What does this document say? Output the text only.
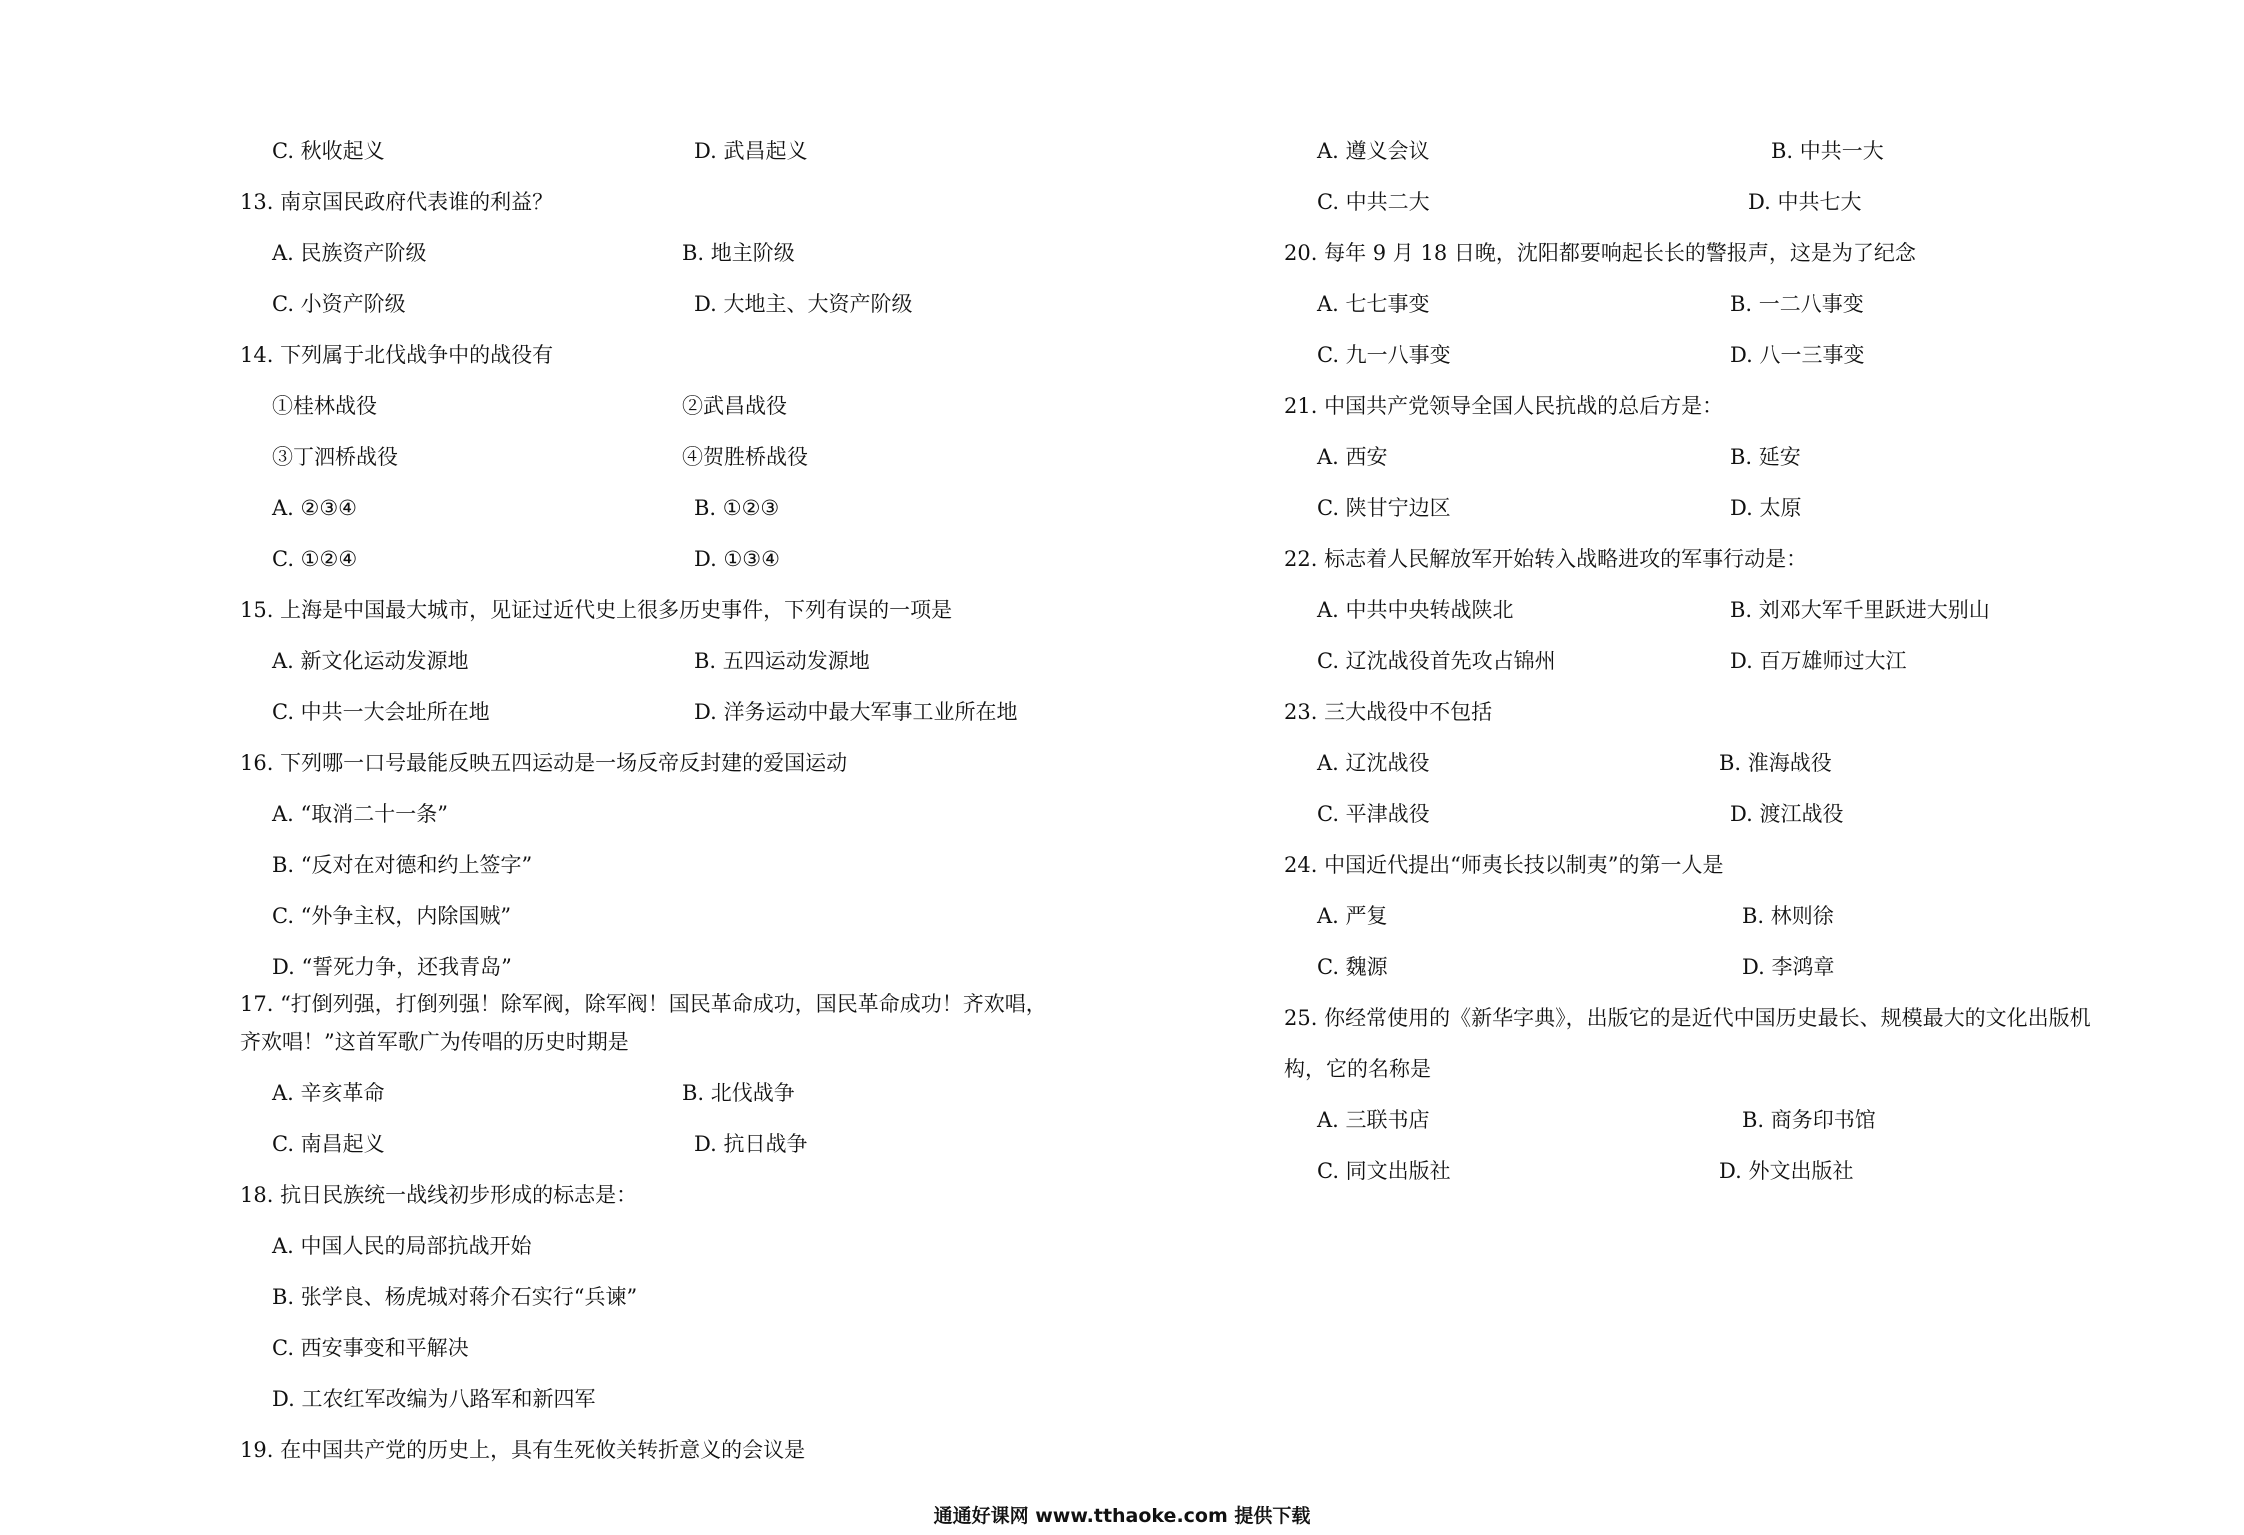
C. 秋收起义	D. 武昌起义
13. 南京国民政府代表谁的利益？
A. 民族资产阶级	B. 地主阶级
C. 小资产阶级	D. 大地主、大资产阶级
14. 下列属于北伐战争中的战役有
①桂林战役	②武昌战役
③丁泗桥战役	④贺胜桥战役
A. ②③④	B. ①②③
C. ①②④	D. ①③④
15. 上海是中国最大城市，见证过近代史上很多历史事件，下列有误的一项是
A. 新文化运动发源地	B. 五四运动发源地
C. 中共一大会址所在地	D. 洋务运动中最大军事工业所在地
16. 下列哪一口号最能反映五四运动是一场反帝反封建的爱国运动
A. “取消二十一条”
B. “反对在对德和约上签字”
C. “外争主权，内除国贼”
D. “誓死力争，还我青岛”
17. “打倒列强，打倒列强！除军阀，除军阀！国民革命成功，国民革命成功！齐欢唱，
齐欢唱！”这首军歌广为传唱的历史时期是
A. 辛亥革命	B. 北伐战争
C. 南昌起义	D. 抗日战争
18. 抗日民族统一战线初步形成的标志是：
A. 中国人民的局部抗战开始
B. 张学良、杨虎城对蒋介石实行“兵谏”
C. 西安事变和平解决
D. 工农红军改编为八路军和新四军
19. 在中国共产党的历史上，具有生死攸关转折意义的会议是
A. 遵义会议	B. 中共一大
C. 中共二大	D. 中共七大
20. 每年 9 月 18 日晚，沈阳都要响起长长的警报声，这是为了纪念
A. 七七事变	B. 一二八事变
C. 九一八事变	D. 八一三事变
21. 中国共产党领导全国人民抗战的总后方是：
A. 西安	B. 延安
C. 陕甘宁边区	D. 太原
22. 标志着人民解放军开始转入战略进攻的军事行动是：
A. 中共中央转战陕北	B. 刘邓大军千里跃进大别山
C. 辽沈战役首先攻占锦州	D. 百万雄师过大江
23. 三大战役中不包括
A. 辽沈战役	B. 淮海战役
C. 平津战役	D. 渡江战役
24. 中国近代提出“师夷长技以制夷”的第一人是
A. 严复	B. 林则徐
C. 魏源	D. 李鸿章
25. 你经常使用的《新华字典》，出版它的是近代中国历史最长、规模最大的文化出版机
构，它的名称是
A. 三联书店	B. 商务印书馆
C. 同文出版社	D. 外文出版社
通通好课网 www.tthaoke.com 提供下载
